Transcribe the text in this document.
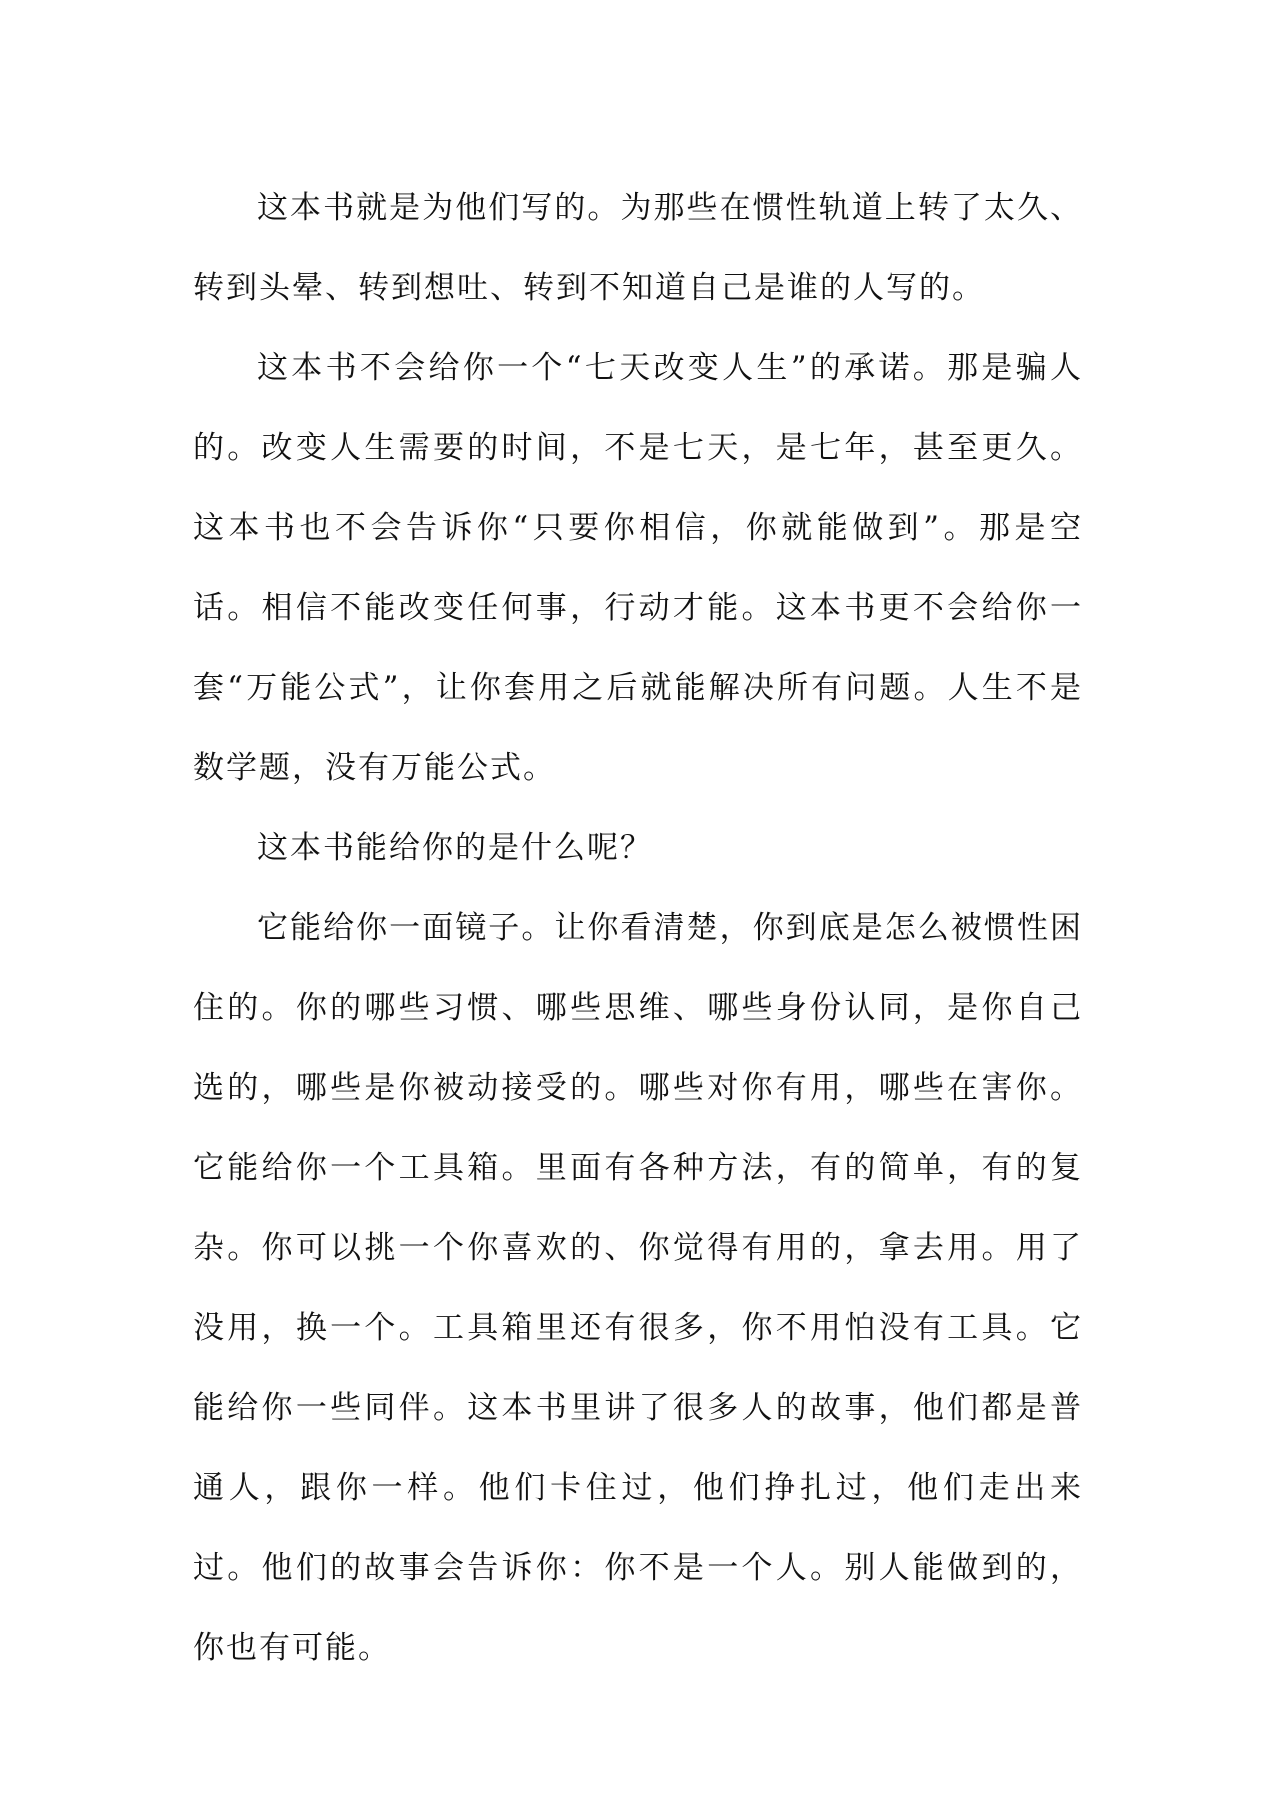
这本书就是为他们写的。为那些在惯性轨道上转了太久、转到头晕、转到想吐、转到不知道自己是谁的人写的。

这本书不会给你一个“七天改变人生”的承诺。那是骗人的。改变人生需要的时间，不是七天，是七年，甚至更久。这本书也不会告诉你“只要你相信，你就能做到”。那是空话。相信不能改变任何事，行动才能。这本书更不会给你一套“万能公式”，让你套用之后就能解决所有问题。人生不是数学题，没有万能公式。

这本书能给你的是什么呢？

它能给你一面镜子。让你看清楚，你到底是怎么被惯性困住的。你的哪些习惯、哪些思维、哪些身份认同，是你自己选的，哪些是你被动接受的。哪些对你有用，哪些在害你。它能给你一个工具箱。里面有各种方法，有的简单，有的复杂。你可以挑一个你喜欢的、你觉得有用的，拿去用。用了没用，换一个。工具箱里还有很多，你不用怕没有工具。它能给你一些同伴。这本书里讲了很多人的故事，他们都是普通人，跟你一样。他们卡住过，他们挣扎过，他们走出来过。他们的故事会告诉你：你不是一个人。别人能做到的，你也有可能。
